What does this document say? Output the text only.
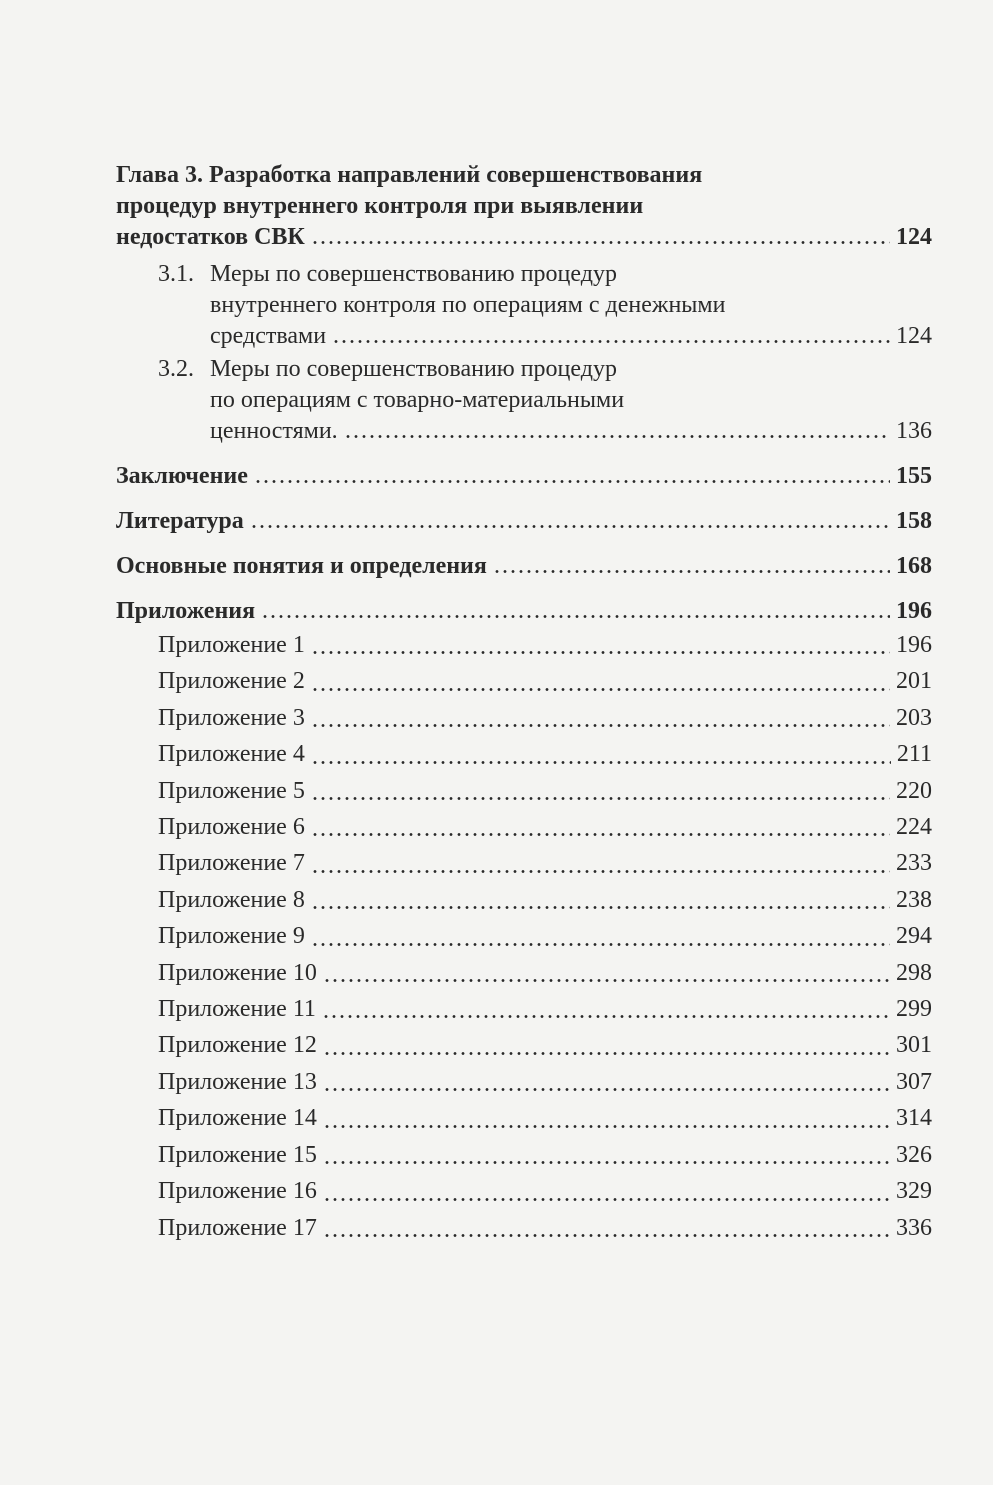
Глава 3. Разработка направлений совершенствования
процедур внутреннего контроля при выявлении
недостатков СВК	124
3.1. Меры по совершенствованию процедур
внутреннего контроля по операциям с денежными
средствами	124
3.2. Меры по совершенствованию процедур
по операциям с товарно-материальными
ценностями.	136
Заключение	155
Литература	158
Основные понятия и определения	168
Приложения	196
Приложение 1	196
Приложение 2	201
Приложение 3	203
Приложение 4	211
Приложение 5	220
Приложение 6	224
Приложение 7	233
Приложение 8	238
Приложение 9	294
Приложение 10	298
Приложение 11	299
Приложение 12	301
Приложение 13	307
Приложение 14	314
Приложение 15	326
Приложение 16	329
Приложение 17	336
